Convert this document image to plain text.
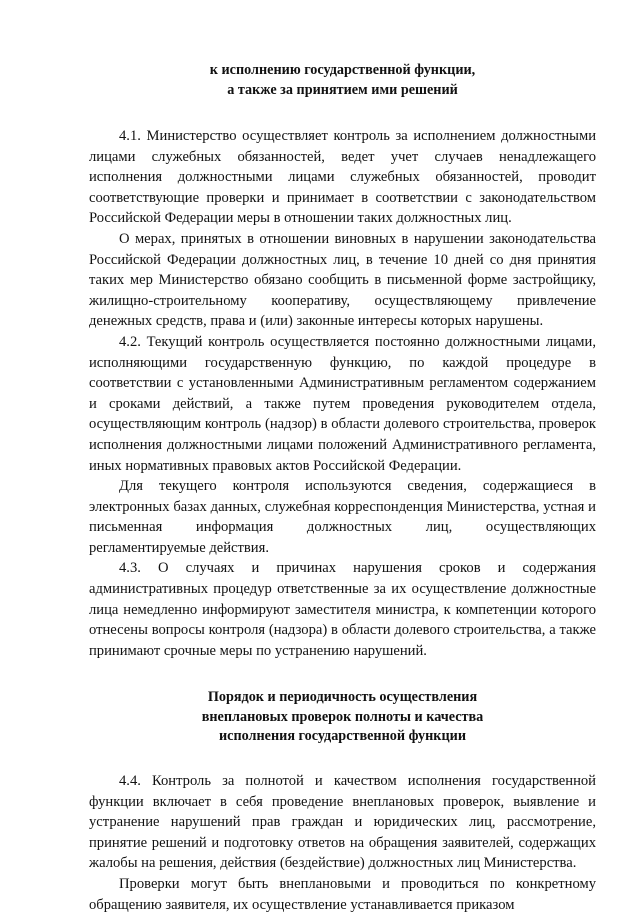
к исполнению государственной функции,
а также за принятием ими решений

4.1. Министерство осуществляет контроль за исполнением должностными лицами служебных обязанностей, ведет учет случаев ненадлежащего исполнения должностными лицами служебных обязанностей, проводит соответствующие проверки и принимает в соответствии с законодательством Российской Федерации меры в отношении таких должностных лиц.

О мерах, принятых в отношении виновных в нарушении законодательства Российской Федерации должностных лиц, в течение 10 дней со дня принятия таких мер Министерство обязано сообщить в письменной форме застройщику, жилищно-строительному кооперативу, осуществляющему привлечение денежных средств, права и (или) законные интересы которых нарушены.

4.2. Текущий контроль осуществляется постоянно должностными лицами, исполняющими государственную функцию, по каждой процедуре в соответствии с установленными Административным регламентом содержанием и сроками действий, а также путем проведения руководителем отдела, осуществляющим контроль (надзор) в области долевого строительства, проверок исполнения должностными лицами положений Административного регламента, иных нормативных правовых актов Российской Федерации.

Для текущего контроля используются сведения, содержащиеся в электронных базах данных, служебная корреспонденция Министерства, устная и письменная информация должностных лиц, осуществляющих регламентируемые действия.

4.3. О случаях и причинах нарушения сроков и содержания административных процедур ответственные за их осуществление должностные лица немедленно информируют заместителя министра, к компетенции которого отнесены вопросы контроля (надзора) в области долевого строительства, а также принимают срочные меры по устранению нарушений.

Порядок и периодичность осуществления
внеплановых проверок полноты и качества
исполнения государственной функции

4.4. Контроль за полнотой и качеством исполнения государственной функции включает в себя проведение внеплановых проверок, выявление и устранение нарушений прав граждан и юридических лиц, рассмотрение, принятие решений и подготовку ответов на обращения заявителей, содержащих жалобы на решения, действия (бездействие) должностных лиц Министерства.

Проверки могут быть внеплановыми и проводиться по конкретному обращению заявителя, их осуществление устанавливается приказом
